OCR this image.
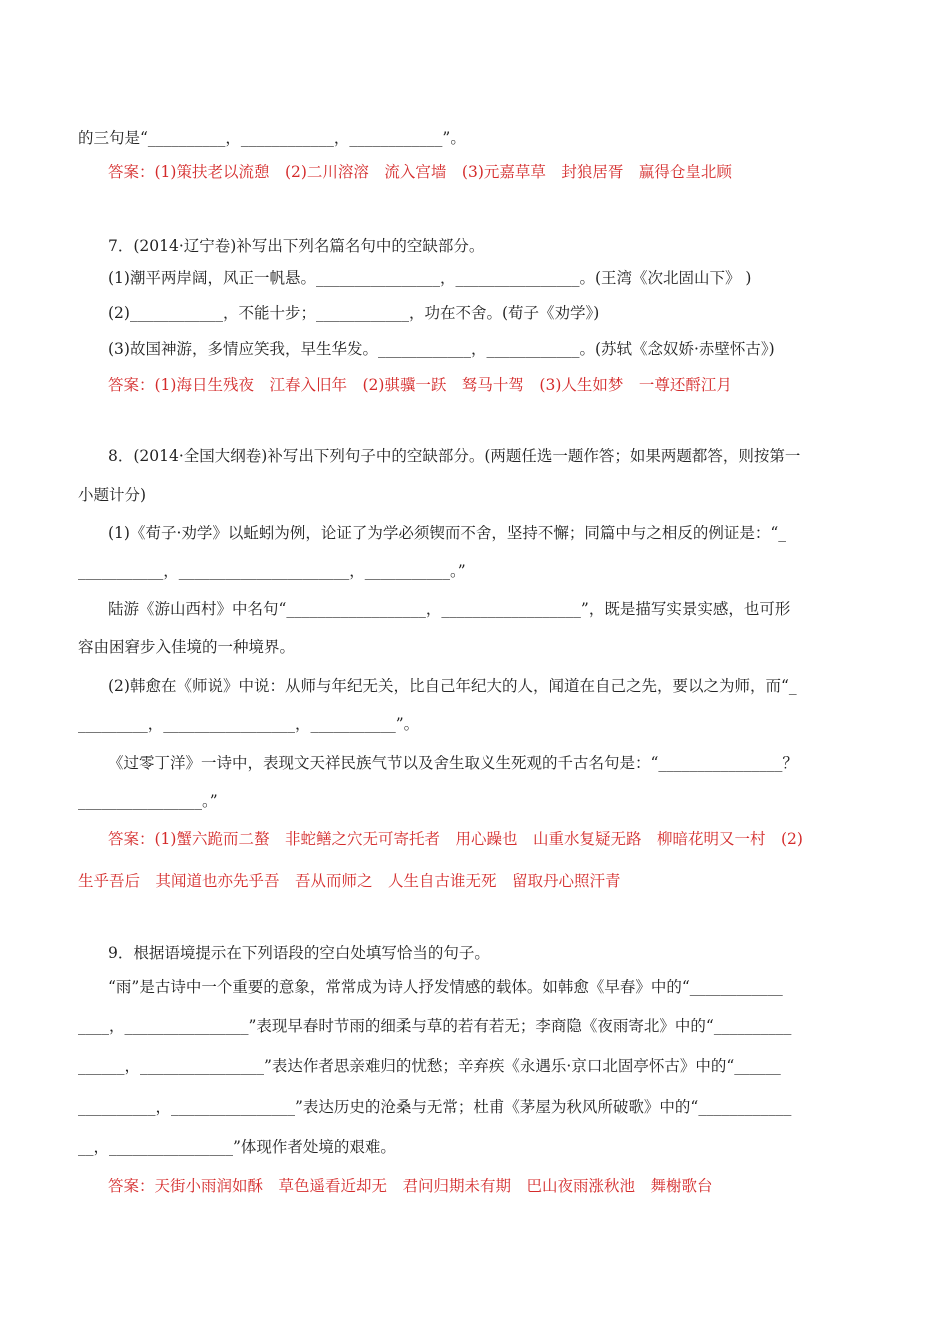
的三句是“__________，____________，____________”。
答案：(1)策扶老以流憩　(2)二川溶溶　流入宫墙　(3)元嘉草草　封狼居胥　赢得仓皇北顾
7．(2014·辽宁卷)补写出下列名篇名句中的空缺部分。
(1)潮平两岸阔，风正一帆悬。________________，________________。(王湾《次北固山下》 )
(2)____________，不能十步；____________，功在不舍。(荀子《劝学》)
(3)故国神游，多情应笑我，早生华发。____________，____________。(苏轼《念奴娇·赤壁怀古》)
答案：(1)海日生残夜　江春入旧年　(2)骐骥一跃　驽马十驾　(3)人生如梦　一尊还酹江月
8．(2014·全国大纲卷)补写出下列句子中的空缺部分。(两题任选一题作答；如果两题都答，则按第一
小题计分)
(1)《荀子·劝学》以蚯蚓为例，论证了为学必须锲而不舍，坚持不懈；同篇中与之相反的例证是：“_
___________，______________________，___________。”
陆游《游山西村》中名句“__________________，__________________”，既是描写实景实感，也可形
容由困窘步入佳境的一种境界。
(2)韩愈在《师说》中说：从师与年纪无关，比自己年纪大的人，闻道在自己之先，要以之为师，而“_
_________，_________________，___________”。
《过零丁洋》一诗中，表现文天祥民族气节以及舍生取义生死观的千古名句是：“________________？
________________。”
答案：(1)蟹六跪而二螯　非蛇鳝之穴无可寄托者　用心躁也　山重水复疑无路　柳暗花明又一村　(2)
生乎吾后　其闻道也亦先乎吾　吾从而师之　人生自古谁无死　留取丹心照汗青
9．根据语境提示在下列语段的空白处填写恰当的句子。
“雨”是古诗中一个重要的意象，常常成为诗人抒发情感的载体。如韩愈《早春》中的“____________
____，________________”表现早春时节雨的细柔与草的若有若无；李商隐《夜雨寄北》中的“__________
______，________________”表达作者思亲难归的忧愁；辛弃疾《永遇乐·京口北固亭怀古》中的“______
__________，________________”表达历史的沧桑与无常；杜甫《茅屋为秋风所破歌》中的“____________
__，________________”体现作者处境的艰难。
答案：天街小雨润如酥　草色遥看近却无　君问归期未有期　巴山夜雨涨秋池　舞榭歌台
